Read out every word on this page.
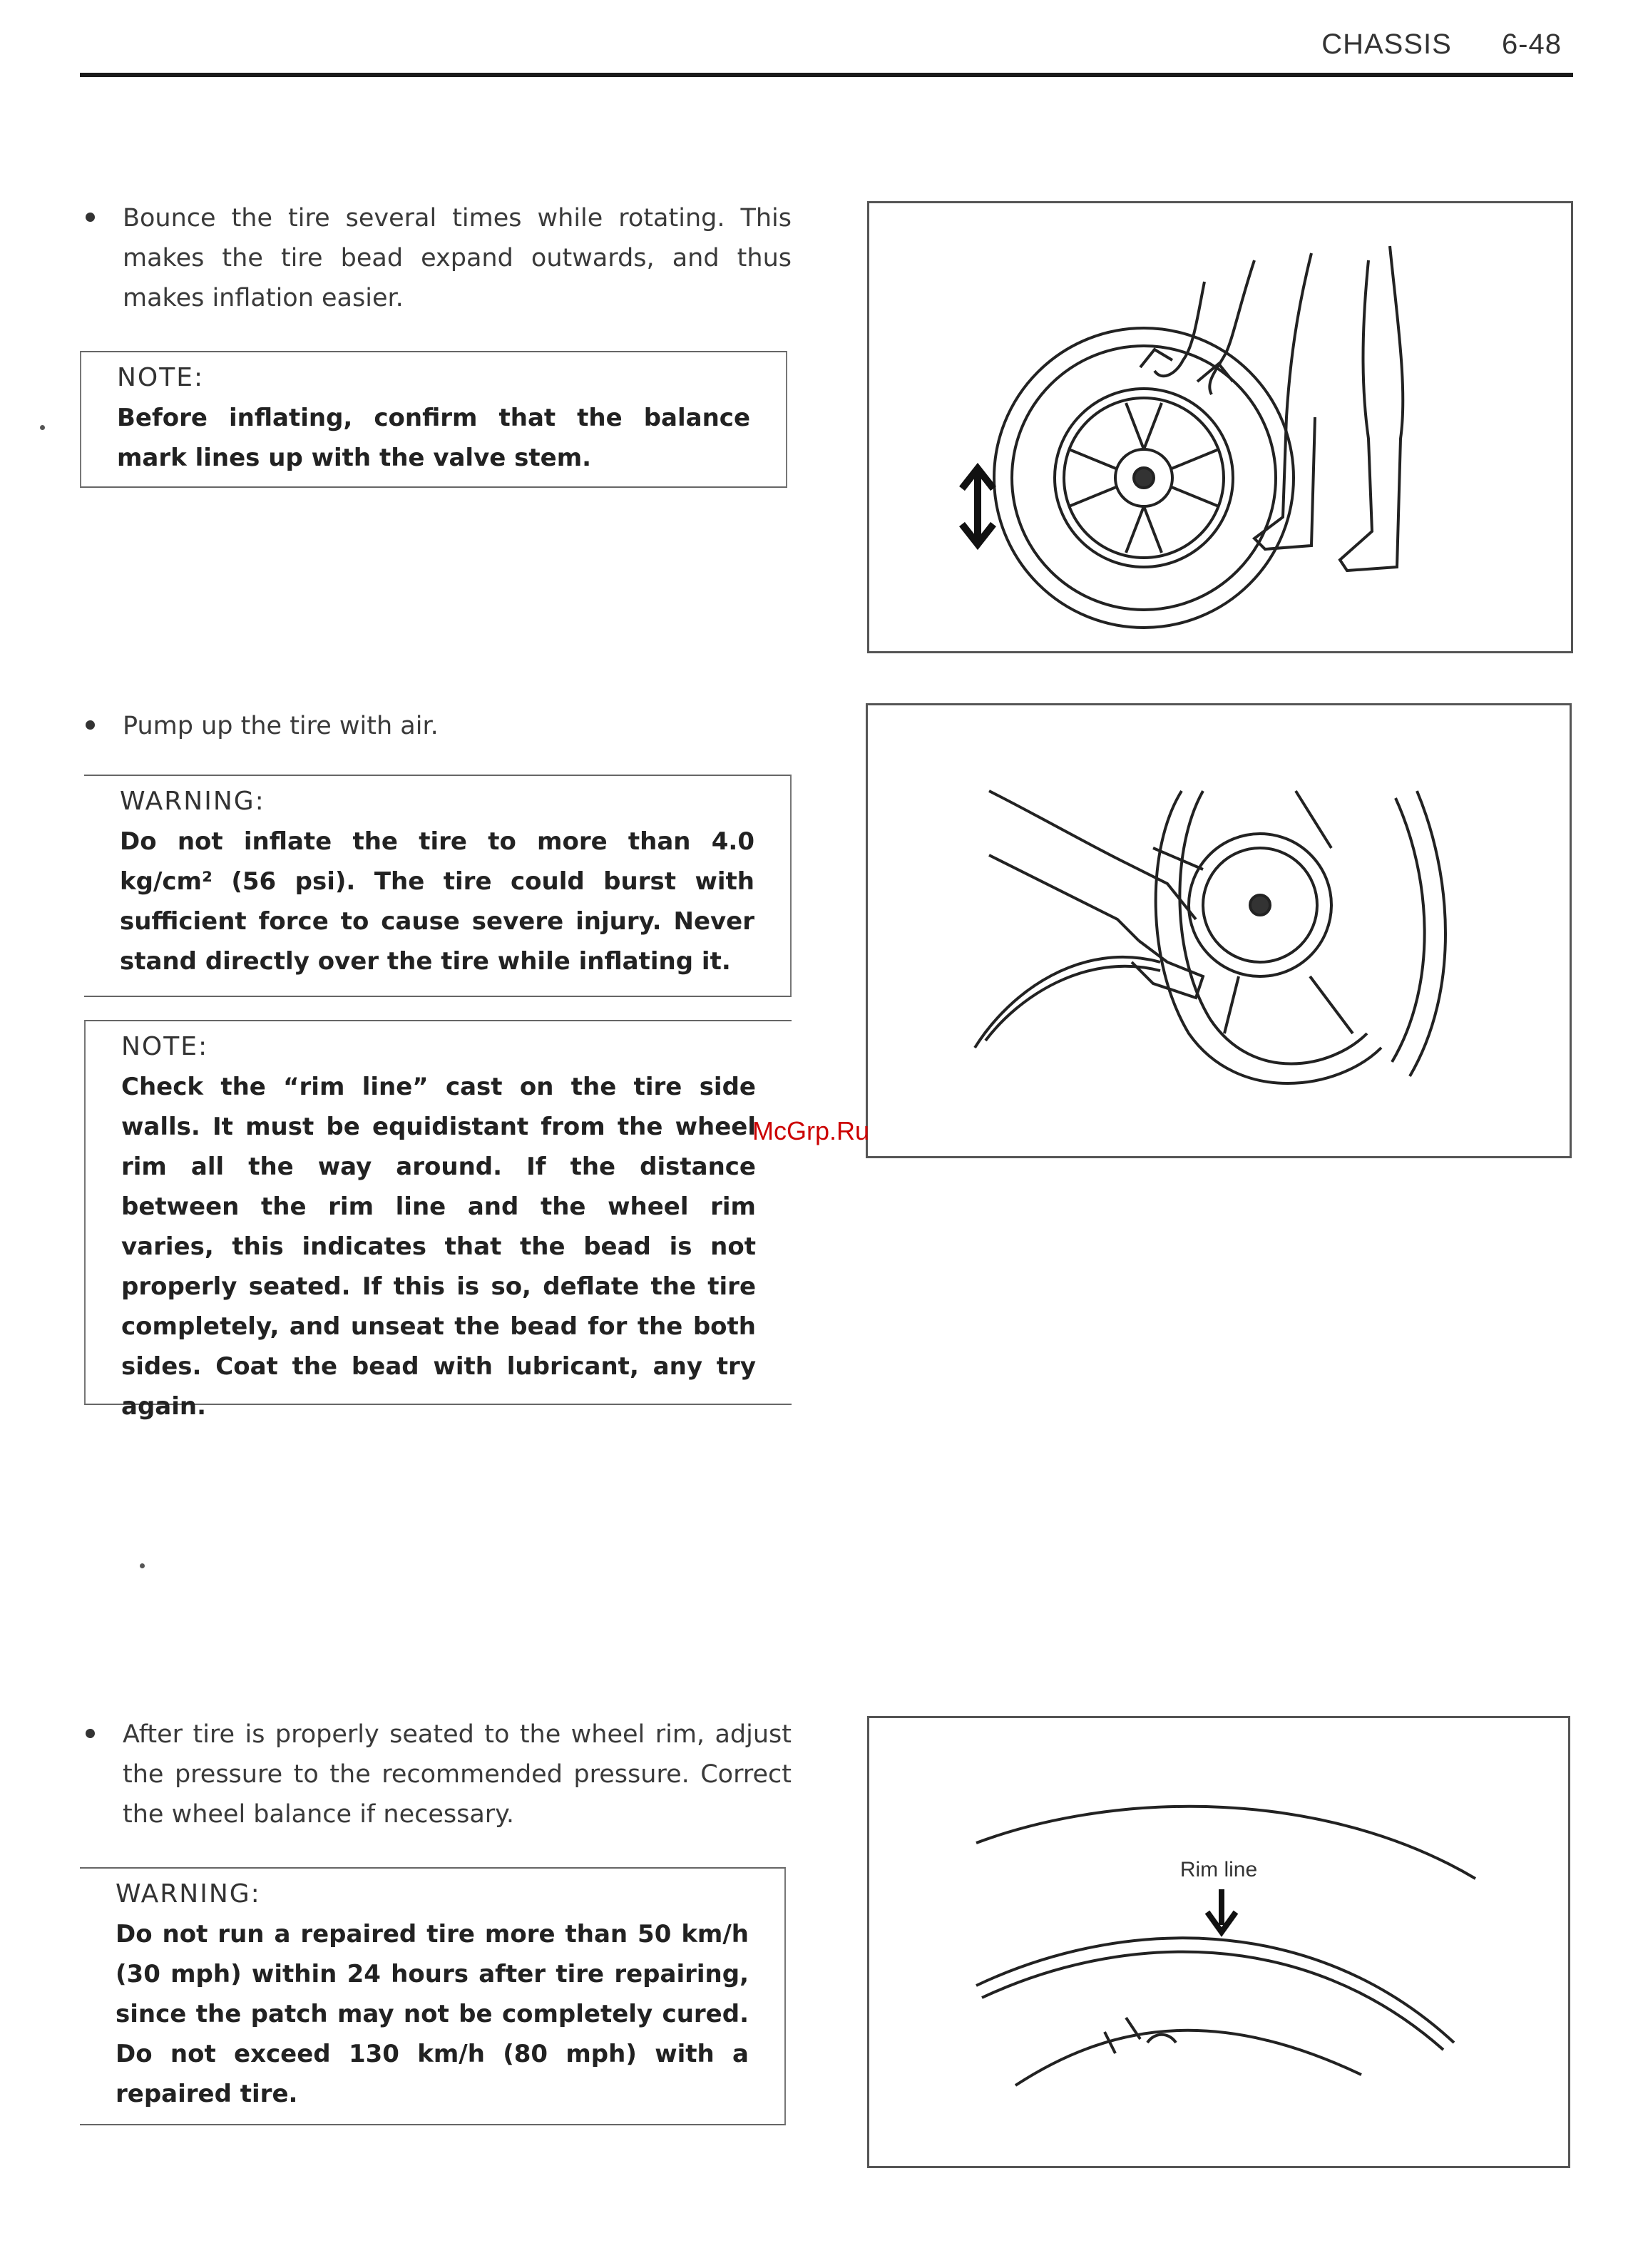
CHASSIS 6-48

Bounce the tire several times while rotating. This makes the tire bead expand outwards, and thus makes inflation easier.

NOTE:
Before inflating, confirm that the balance mark lines up with the valve stem.

Pump up the tire with air.

WARNING:
Do not inflate the tire to more than 4.0 kg/cm² (56 psi). The tire could burst with sufficient force to cause severe injury. Never stand directly over the tire while inflating it.
NOTE:
Check the “rim line” cast on the tire side walls. It must be equidistant from the wheel rim all the way around. If the distance between the rim line and the wheel rim varies, this indicates that the bead is not properly seated. If this is so, deflate the tire completely, and unseat the bead for the both sides. Coat the bead with lubricant, any try again.

After tire is properly seated to the wheel rim, adjust the pressure to the recommended pressure. Correct the wheel balance if necessary.

WARNING:
Do not run a repaired tire more than 50 km/h (30 mph) within 24 hours after tire repairing, since the patch may not be completely cured. Do not exceed 130 km/h (80 mph) with a repaired tire.
Rim line
McGrp.Ru
